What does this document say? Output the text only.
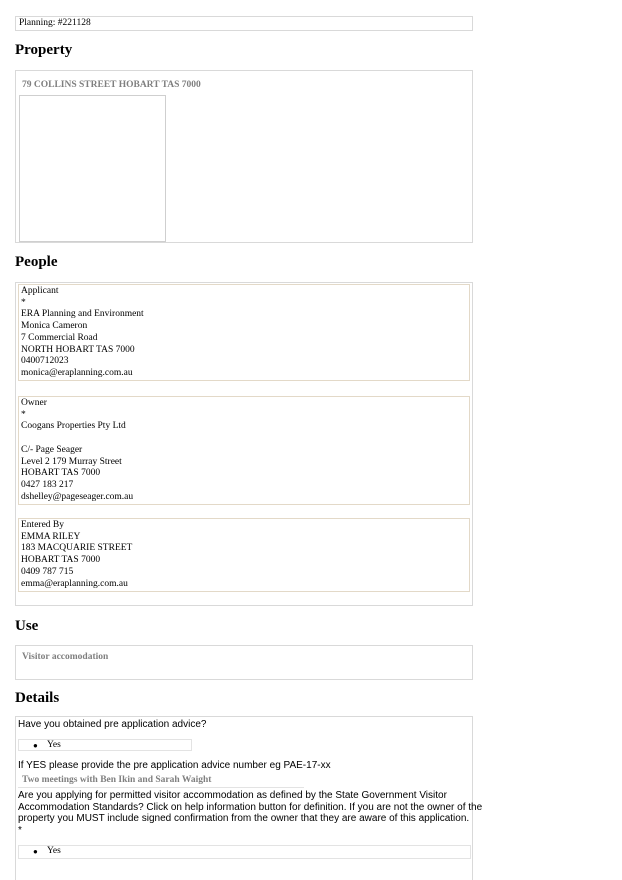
Planning: #221128
Property
79 COLLINS STREET HOBART TAS 7000
People
Applicant
*
ERA Planning and Environment
Monica Cameron
7 Commercial Road
NORTH HOBART TAS 7000
0400712023
monica@eraplanning.com.au
Owner
*
Coogans Properties Pty Ltd
C/- Page Seager
Level 2 179 Murray Street
HOBART TAS 7000
0427 183 217
dshelley@pageseager.com.au
Entered By
EMMA RILEY
183 MACQUARIE STREET
HOBART TAS 7000
0409 787 715
emma@eraplanning.com.au
Use
Visitor accomodation
Details
Have you obtained pre application advice?
● Yes
If YES please provide the pre application advice number eg PAE-17-xx
Two meetings with Ben Ikin and Sarah Waight
Are you applying for permitted visitor accommodation as defined by the State Government Visitor
Accommodation Standards? Click on help information button for definition. If you are not the owner of the
property you MUST include signed confirmation from the owner that they are aware of this application.
*
● Yes
